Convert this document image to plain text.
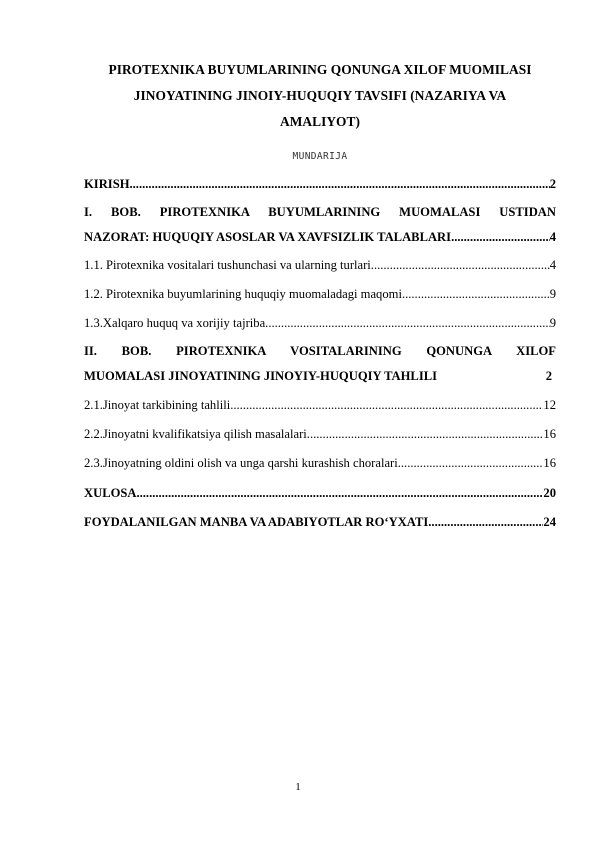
PIROTEXNIKA BUYUMLARINING QONUNGA XILOF MUOMILASI
JINOYATINING JINOIY-HUQUQIY TAVSIFI (NAZARIYA VA
AMALIYOT)
MUNDARIJA
KIRISH .....	2
I. BOB. PIROTEXNIKA BUYUMLARINING MUOMALASI USTIDAN
NAZORAT: HUQUQIY ASOSLAR VA XAVFSIZLIK TALABLARI .....	4
1.1. Pirotexnika vositalari tushunchasi va ularning turlari .....	4
1.2. Pirotexnika buyumlarining huquqiy muomaladagi maqomi .....	9
1.3.Xalqaro huquq va xorijiy tajriba .....	9
II. BOB. PIROTEXNIKA VOSITALARINING QONUNGA XILOF
MUOMALASI JINOYATINING JINOYIY-HUQUQIY TAHLILI	2
2.1.Jinoyat tarkibining tahlili .....	12
2.2.Jinoyatni kvalifikatsiya qilish masalalari .....	16
2.3.Jinoyatning oldini olish va unga qarshi kurashish choralari .....	16
XULOSA .....	20
FOYDALANILGAN MANBA VA ADABIYOTLAR RO‘YXATI .....	24
1
